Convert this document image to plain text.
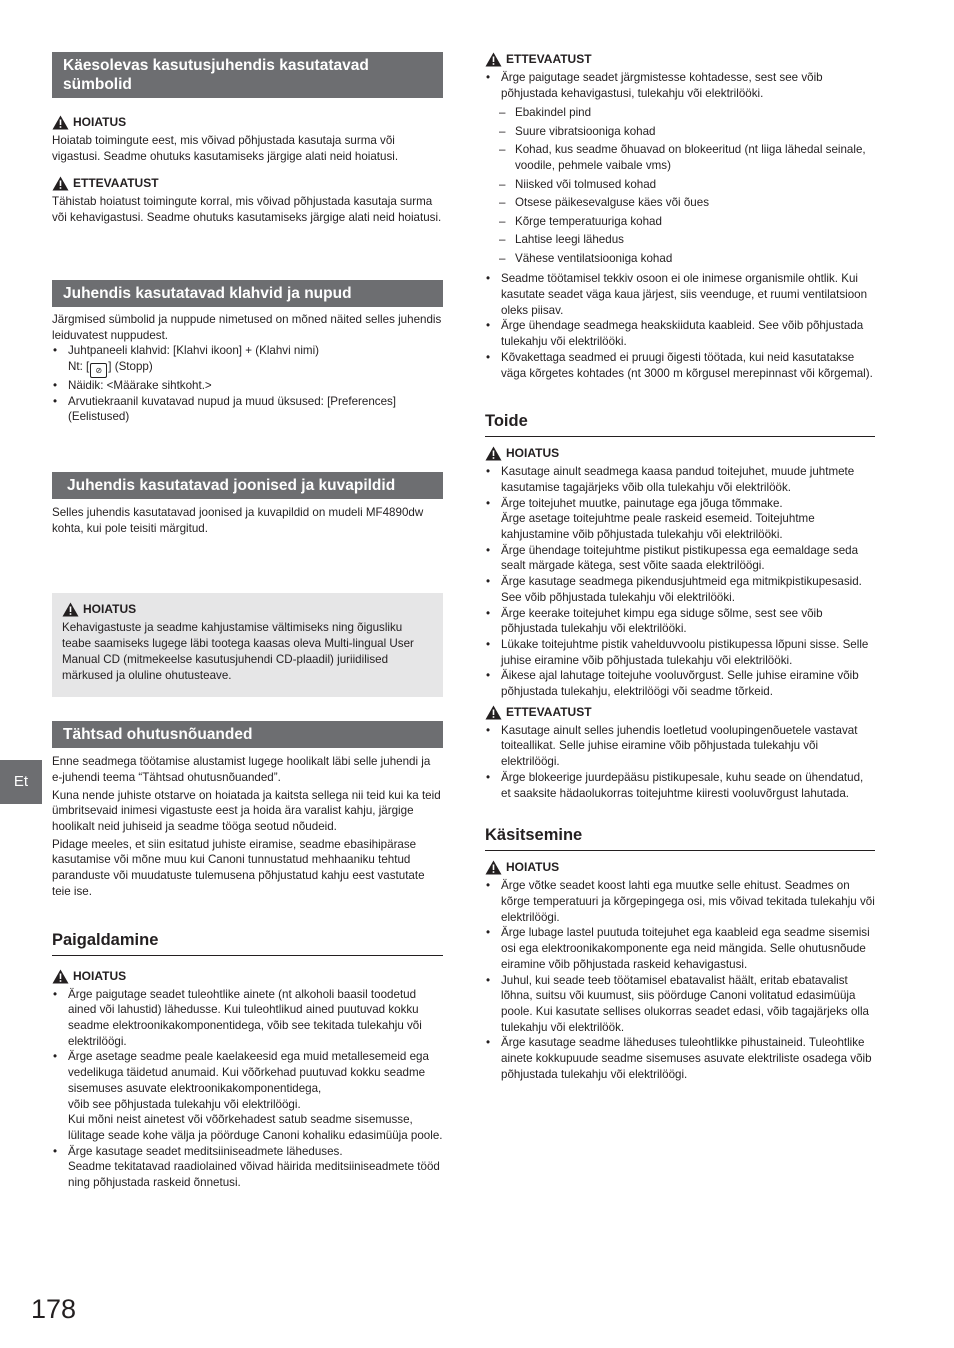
Käesolevas kasutusjuhendis kasutatavad sümbolid
HOIATUS

Hoiatab toimingute eest, mis võivad põhjustada kasutaja surma või vigastusi. Seadme ohutuks kasutamiseks järgige alati neid hoiatusi.

ETTEVAATUST

Tähistab hoiatust toimingute korral, mis võivad põhjustada kasutaja surma või kehavigastusi. Seadme ohutuks kasutamiseks järgige alati neid hoiatusi.

Juhendis kasutatavad klahvid ja nupud

Järgmised sümbolid ja nuppude nimetused on mõned näited selles juhendis leiduvatest nuppudest.

• Juhtpaneeli klahvid: [Klahvi ikoon] + (Klahvi nimi)
Nt: [ ⊘ ] (Stopp)
• Näidik: <Määrake sihtkoht.>
• Arvutiekraanil kuvatavad nupud ja muud üksused: [Preferences] (Eelistused)
Juhendis kasutatavad joonised ja kuvapildid

Selles juhendis kasutatavad joonised ja kuvapildid on mudeli MF4890dw kohta, kui pole teisiti märgitud.

HOIATUS

Kehavigastuste ja seadme kahjustamise vältimiseks ning õigusliku teabe saamiseks lugege läbi tootega kaasas oleva Multi-lingual User Manual CD (mitmekeelse kasutusjuhendi CD-plaadil) juriidilised märkused ja oluline ohutusteave.

Tähtsad ohutusnõuanded

Enne seadmega töötamise alustamist lugege hoolikalt läbi selle juhendi ja e-juhendi teema “Tähtsad ohutusnõuanded”.

Kuna nende juhiste otstarve on hoiatada ja kaitsta sellega nii teid kui ka teid ümbritsevaid inimesi vigastuste eest ja hoida ära varalist kahju, järgige hoolikalt neid juhiseid ja seadme tööga seotud nõudeid.

Pidage meeles, et siin esitatud juhiste eiramise, seadme ebasihipärase kasutamise või mõne muu kui Canoni tunnustatud mehhaaniku tehtud paranduste või muudatuste tulemusena põhjustatud kahju eest vastutate teie ise.

Paigaldamine
HOIATUS
• Ärge paigutage seadet tuleohtlike ainete (nt alkoholi baasil toodetud ained või lahustid) lähedusse. Kui tuleohtlikud ained puutuvad kokku seadme elektroonikakomponentidega, võib see tekitada tulekahju või elektrilöögi.
• Ärge asetage seadme peale kaelakeesid ega muid metallesemeid ega vedelikuga täidetud anumaid. Kui võõrkehad puutuvad kokku seadme sisemuses asuvate elektroonikakomponentidega,
võib see põhjustada tulekahju või elektrilöögi.
Kui mõni neist ainetest või võõrkehadest satub seadme sisemusse, lülitage seade kohe välja ja pöörduge Canoni kohaliku edasimüüja poole.
• Ärge kasutage seadet meditsiiniseadmete läheduses.
Seadme tekitatavad raadiolained võivad häirida meditsiiniseadmete tööd ning põhjustada raskeid õnnetusi.
ETTEVAATUST
• Ärge paigutage seadet järgmistesse kohtadesse, sest see võib põhjustada kehavigastusi, tulekahju või elektrilööki.
– Ebakindel pind
– Suure vibratsiooniga kohad
– Kohad, kus seadme õhuavad on blokeeritud (nt liiga lähedal seinale, voodile, pehmele vaibale vms)
– Niisked või tolmused kohad
– Otsese päikesevalguse käes või õues
– Kõrge temperatuuriga kohad
– Lahtise leegi lähedus
– Vähese ventilatsiooniga kohad
• Seadme töötamisel tekkiv osoon ei ole inimese organismile ohtlik. Kui kasutate seadet väga kaua järjest, siis veenduge, et ruumi ventilatsioon oleks piisav.
• Ärge ühendage seadmega heakskiiduta kaableid. See võib põhjustada tulekahju või elektrilööki.
• Kõvakettaga seadmed ei pruugi õigesti töötada, kui neid kasutatakse väga kõrgetes kohtades (nt 3000 m kõrgusel merepinnast või kõrgemal).
Toide
HOIATUS
• Kasutage ainult seadmega kaasa pandud toitejuhet, muude juhtmete kasutamise tagajärjeks võib olla tulekahju või elektrilöök.
• Ärge toitejuhet muutke, painutage ega jõuga tõmmake.
Ärge asetage toitejuhtme peale raskeid esemeid. Toitejuhtme kahjustamine võib põhjustada tulekahju või elektrilööki.
• Ärge ühendage toitejuhtme pistikut pistikupessa ega eemaldage seda sealt märgade kätega, sest võite saada elektrilöögi.
• Ärge kasutage seadmega pikendusjuhtmeid ega mitmikpistikupesasid. See võib põhjustada tulekahju või elektrilööki.
• Ärge keerake toitejuhet kimpu ega siduge sõlme, sest see võib põhjustada tulekahju või elektrilööki.
• Lükake toitejuhtme pistik vahelduvvoolu pistikupessa lõpuni sisse. Selle juhise eiramine võib põhjustada tulekahju või elektrilööki.
• Äikese ajal lahutage toitejuhe vooluvõrgust. Selle juhise eiramine võib põhjustada tulekahju, elektrilöögi või seadme tõrkeid.
ETTEVAATUST
• Kasutage ainult selles juhendis loetletud voolupingenõuetele vastavat toiteallikat. Selle juhise eiramine võib põhjustada tulekahju või elektrilöögi.
• Ärge blokeerige juurdepääsu pistikupesale, kuhu seade on ühendatud, et saaksite hädaolukorras toitejuhtme kiiresti vooluvõrgust lahutada.
Käsitsemine
HOIATUS
• Ärge võtke seadet koost lahti ega muutke selle ehitust. Seadmes on kõrge temperatuuri ja kõrgepingega osi, mis võivad tekitada tulekahju või elektrilöögi.
• Ärge lubage lastel puutuda toitejuhet ega kaableid ega seadme sisemisi osi ega elektroonikakomponente ega neid mängida. Selle ohutusnõude eiramine võib põhjustada raskeid kehavigastusi.
• Juhul, kui seade teeb töötamisel ebatavalist häält, eritab ebatavalist lõhna, suitsu või kuumust, siis pöörduge Canoni volitatud edasimüüja poole. Kui kasutate sellises olukorras seadet edasi, võib tagajärjeks olla tulekahju või elektrilöök.
• Ärge kasutage seadme läheduses tuleohtlikke pihustaineid. Tuleohtlike ainete kokkupuude seadme sisemuses asuvate elektriliste osadega võib põhjustada tulekahju või elektrilöögi.
Et
178
